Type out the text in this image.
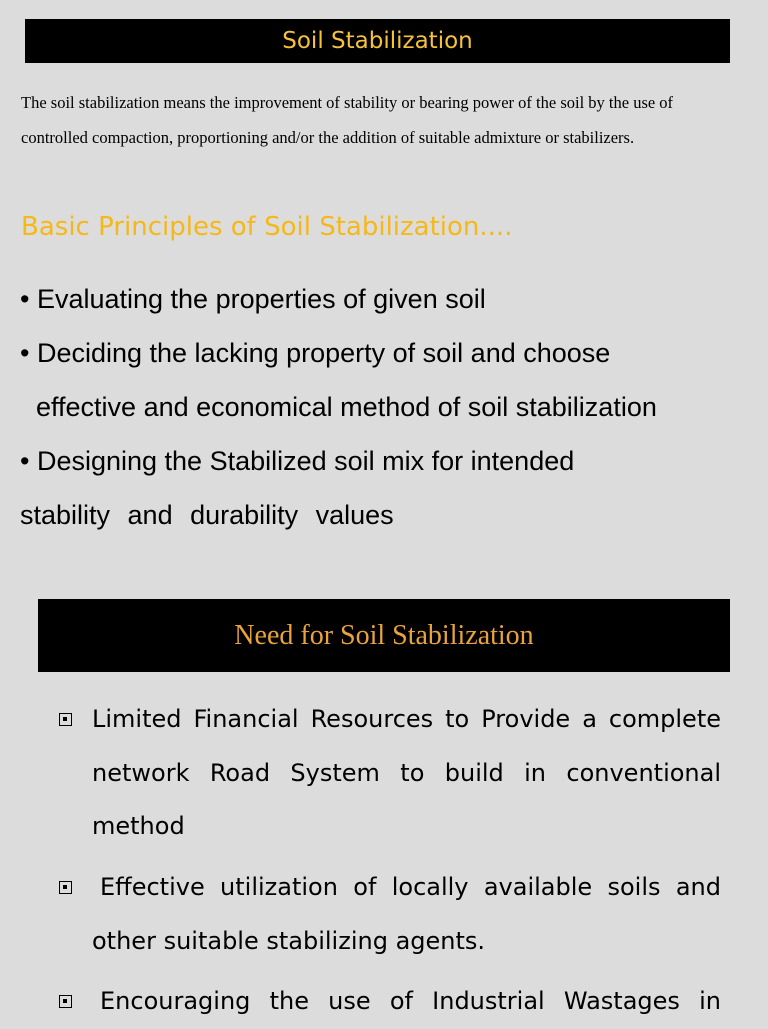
Soil Stabilization

The soil stabilization means the improvement of stability or bearing power of the soil by the use of controlled compaction, proportioning and/or the addition of suitable admixture or stabilizers.

Basic Principles of Soil Stabilization....

• Evaluating the properties of given soil

• Deciding the lacking property of soil and choose

effective and economical method of soil stabilization

• Designing the Stabilized soil mix for intended

stability and durability values

Need for Soil Stabilization

Limited Financial Resources to Provide a complete network Road System to build in conventional method

Effective utilization of locally available soils and other suitable stabilizing agents.

Encouraging the use of Industrial Wastages in
